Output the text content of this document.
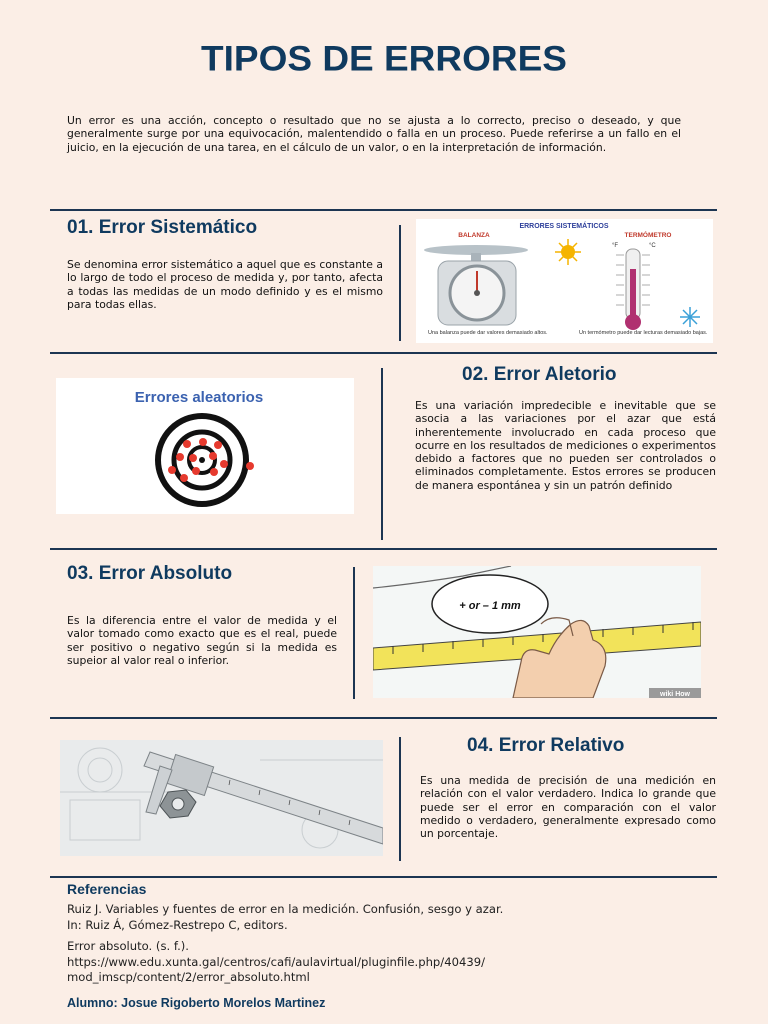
TIPOS DE ERRORES
Un error es una acción, concepto o resultado que no se ajusta a lo correcto, preciso o deseado, y que generalmente surge por una equivocación, malentendido o falla en un proceso. Puede referirse a un fallo en el juicio, en la ejecución de una tarea, en el cálculo de un valor, o en la interpretación de información.
01. Error Sistemático
Se denomina error sistemático a aquel que es constante a lo largo de todo el proceso de medida y, por tanto, afecta a todas las medidas de un modo definido y es el mismo para todas ellas.
ERRORES SISTEMÁTICOS
BALANZA	TERMÓMETRO
Una balanza puede dar valores demasiado altos.
°F	°C
Un termómetro puede dar lecturas demasiado bajas.
Errores aleatorios
02. Error Aletorio
Es una variación impredecible e inevitable que se asocia a las variaciones por el azar que está inherentemente involucrado en cada proceso que ocurre en los resultados de mediciones o experimentos debido a factores que no pueden ser controlados o eliminados completamente. Estos errores se producen de manera espontánea y sin un patrón definido
03. Error Absoluto
Es la diferencia entre el valor de medida y el valor tomado como exacto que es el real, puede ser positivo o negativo según si la medida es supeior al valor real o inferior.
+ or – 1 mm
wiki How
04. Error Relativo
Es una medida de precisión de una medición en relación con el valor verdadero. Indica lo grande que puede ser el error en comparación con el valor medido o verdadero, generalmente expresado como un porcentaje.
Referencias
Ruiz J. Variables y fuentes de error en la medición. Confusión, sesgo y azar.
In: Ruiz Á, Gómez-Restrepo C, editors.
Error absoluto. (s. f.).
https://www.edu.xunta.gal/centros/cafi/aulavirtual/pluginfile.php/40439/
mod_imscp/content/2/error_absoluto.html
Alumno: Josue Rigoberto Morelos Martinez
